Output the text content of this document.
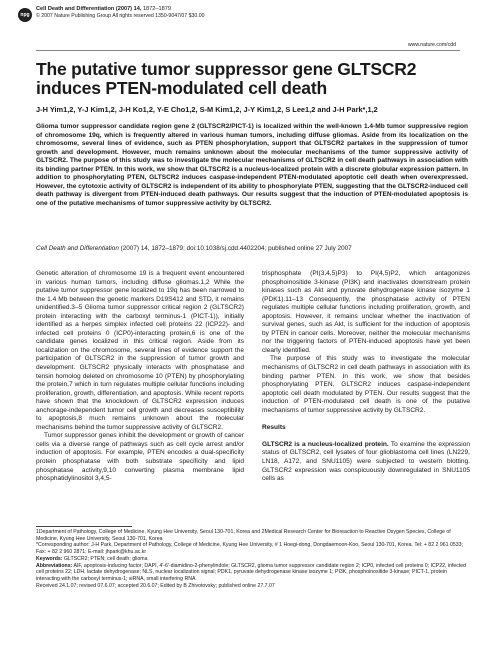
npg

Cell Death and Differentiation (2007) 14, 1872–1879

© 2007 Nature Publishing Group All rights reserved 1350-9047/07 $30.00

www.nature.com/cdd
The putative tumor suppressor gene GLTSCR2 induces PTEN-modulated cell death

J-H Yim1,2, Y-J Kim1,2, J-H Ko1,2, Y-E Cho1,2, S-M Kim1,2, J-Y Kim1,2, S Lee1,2 and J-H Park*,1,2

Glioma tumor suppressor candidate region gene 2 (GLTSCR2/PICT-1) is localized within the well-known 1.4-Mb tumor suppressive region of chromosome 19q, which is frequently altered in various human tumors, including diffuse gliomas. Aside from its localization on the chromosome, several lines of evidence, such as PTEN phosphorylation, support that GLTSCR2 partakes in the suppression of tumor growth and development. However, much remains unknown about the molecular mechanisms of the tumor suppressive activity of GLTSCR2. The purpose of this study was to investigate the molecular mechanisms of GLTSCR2 in cell death pathways in association with its binding partner PTEN. In this work, we show that GLTSCR2 is a nucleus-localized protein with a discrete globular expression pattern. In addition to phosphorylating PTEN, GLTSCR2 induces caspase-independent PTEN-modulated apoptotic cell death when overexpressed. However, the cytotoxic activity of GLTSCR2 is independent of its ability to phosphorylate PTEN, suggesting that the GLTSCR2-induced cell death pathway is divergent from PTEN-induced death pathways. Our results suggest that the induction of PTEN-modulated apoptosis is one of the putative mechanisms of tumor suppressive activity by GLTSCR2.

Cell Death and Differentiation (2007) 14, 1872–1879; doi:10.1038/sj.cdd.4402204; published online 27 July 2007

Genetic alteration of chromosome 19 is a frequent event encountered in various human tumors, including diffuse gliomas.1,2 While the putative tumor suppressor gene localized to 19q has been narrowed to the 1.4 Mb between the genetic markers D19S412 and STD, it remains unidentified.3–5 Glioma tumor suppressor critical region 2 (GLTSCR2) protein interacting with the carboxyl terminus-1 (PICT-1)), initially identified as a herpes simplex infected cell proteins 22 (ICP22)- and infected cell proteins 0 (ICP0)-interacting protein,6 is one of the candidate genes localized in this critical region. Aside from its localization on the chromosome, several lines of evidence support the participation of GLTSCR2 in the suppression of tumor growth and development. GLTSCR2 physically interacts with phosphatase and tensin homolog deleted on chromosome 10 (PTEN) by phosphorylating the protein,7 which in turn regulates multiple cellular functions including proliferation, growth, differentiation, and apoptosis. While recent reports have shown that the knockdown of GLTSCR2 expression induces anchorage-independent tumor cell growth and decreases susceptibility to apoptosis,8 much remains unknown about the molecular mechanisms behind the tumor suppressive activity of GLTSCR2.

Tumor suppressor genes inhibit the development or growth of cancer cells via a diverse range of pathways such as cell cycle arrest and/or induction of apoptosis. For example, PTEN encodes a dual-specificity protein phosphatase with both substrate specificity and lipid phosphatase activity,9,10 converting plasma membrane lipid phosphatidylinositol 3,4,5-

trisphosphate (PI(3,4,5)P3) to PI(4,5)P2, which antagonizes phosphoinositide 3-kinase (PI3K) and inactivates downstream protein kinases such as Akt and pyruvate dehydrogenase kinase isozyme 1 (PDK1).11–13 Consequently, the phosphatase activity of PTEN regulates multiple cellular functions including proliferation, growth, and apoptosis. However, it remains unclear whether the inactivation of survival genes, such as Akt, is sufficient for the induction of apoptosis by PTEN in cancer cells. Moreover, neither the molecular mechanisms nor the triggering factors of PTEN-induced apoptosis have yet been clearly identified.

The purpose of this study was to investigate the molecular mechanisms of GLTSCR2 in cell death pathways in association with its binding partner PTEN. In this work, we show that besides phosphorylating PTEN, GLTSCR2 induces caspase-independent apoptotic cell death modulated by PTEN. Our results suggest that the induction of PTEN-modulated cell death is one of the putative mechanisms of tumor suppressive activity by GLTSCR2.

Results

GLTSCR2 is a nucleus-localized protein. To examine the expression status of GLTSCR2, cell lysates of four glioblastoma cell lines (LN229, LN18, A172, and SNU1105) were subjected to western blotting. GLTSCR2 expression was conspicuously downregulated in SNU1105 cells as

1Department of Pathology, College of Medicine, Kyung Hee University, Seoul 130-701, Korea and 2Medical Research Center for Bioreaction to Reactive Oxygen Species, College of Medicine, Kyung Hee University, Seoul 130-701, Korea

*Corresponding author: J-H Park, Department of Pathology, College of Medicine, Kyung Hee University, # 1 Hoegi-dong, Dongdaemoon-Koo, Seoul 130-701, Korea. Tel: + 82 2 961 0533; Fax: + 82 2 960 2871; E-mail: jhpark@khu.ac.kr

Keywords: GLTSCR2; PTEN; cell death; glioma

Abbreviations: AIF, apoptosis-inducing factor; DAPI, 4′-6′-diamidino-2-phenylindole; GLTSCR2, glioma tumor suppressor candidate region 2; ICP0, infected cell proteins 0; ICP22, infected cell proteins 22; LDH, lactate dehydrogenase; NLS, nuclear localization signal; PDK1, pyruvate dehydrogenase kinase isozyme 1; PI3K, phosphoinositide 3-kinase; PICT-1, protein interacting with the carboxyl terminus-1; siRNA, small interfering RNA

Received 24.1.07; revised 07.6.07; accepted 20.6.07; Edited by B Zhivotovsky; published online 27.7.07
